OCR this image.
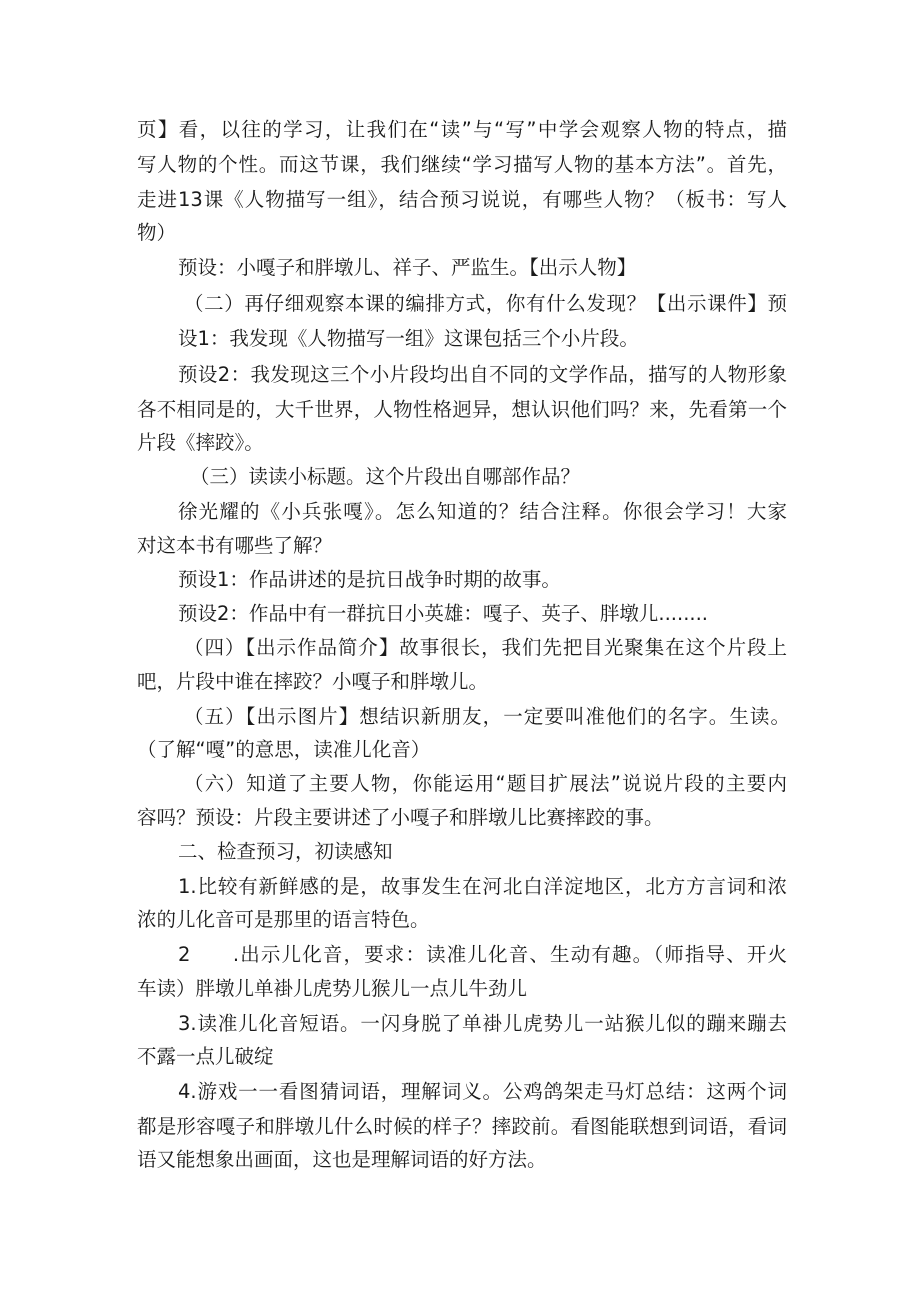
页】看，以往的学习，让我们在“读”与“写”中学会观察人物的特点，描
写人物的个性。而这节课，我们继续“学习描写人物的基本方法”。首先，
走进13课《人物描写一组》，结合预习说说，有哪些人物？（板书：写人
物）
预设：小嘎子和胖墩儿、祥子、严监生。【出示人物】
（二）再仔细观察本课的编排方式，你有什么发现？【出示课件】预
设1：我发现《人物描写一组》这课包括三个小片段。
预设2：我发现这三个小片段均出自不同的文学作品，描写的人物形象
各不相同是的，大千世界，人物性格迥异，想认识他们吗？来，先看第一个
片段《摔跤》。
（三）读读小标题。这个片段出自哪部作品？
徐光耀的《小兵张嘎》。怎么知道的？结合注释。你很会学习！大家
对这本书有哪些了解？
预设1：作品讲述的是抗日战争时期的故事。
预设2：作品中有一群抗日小英雄：嘎子、英子、胖墩儿........
（四）【出示作品简介】故事很长，我们先把目光聚集在这个片段上
吧，片段中谁在摔跤？小嘎子和胖墩儿。
（五）【出示图片】想结识新朋友，一定要叫准他们的名字。生读。
（了解“嘎”的意思，读准儿化音）
（六）知道了主要人物，你能运用“题目扩展法”说说片段的主要内
容吗？预设：片段主要讲述了小嘎子和胖墩儿比赛摔跤的事。
二、检查预习，初读感知
1.比较有新鲜感的是，故事发生在河北白洋淀地区，北方方言词和浓
浓的儿化音可是那里的语言特色。
2　　.出示儿化音，要求：读准儿化音、生动有趣。（师指导、开火
车读）胖墩儿单褂儿虎势儿猴儿一点儿牛劲儿
3.读准儿化音短语。一闪身脱了单褂儿虎势儿一站猴儿似的蹦来蹦去
不露一点儿破绽
4.游戏一一看图猜词语，理解词义。公鸡鸽架走马灯总结：这两个词
都是形容嘎子和胖墩儿什么时候的样子？摔跤前。看图能联想到词语，看词
语又能想象出画面，这也是理解词语的好方法。
